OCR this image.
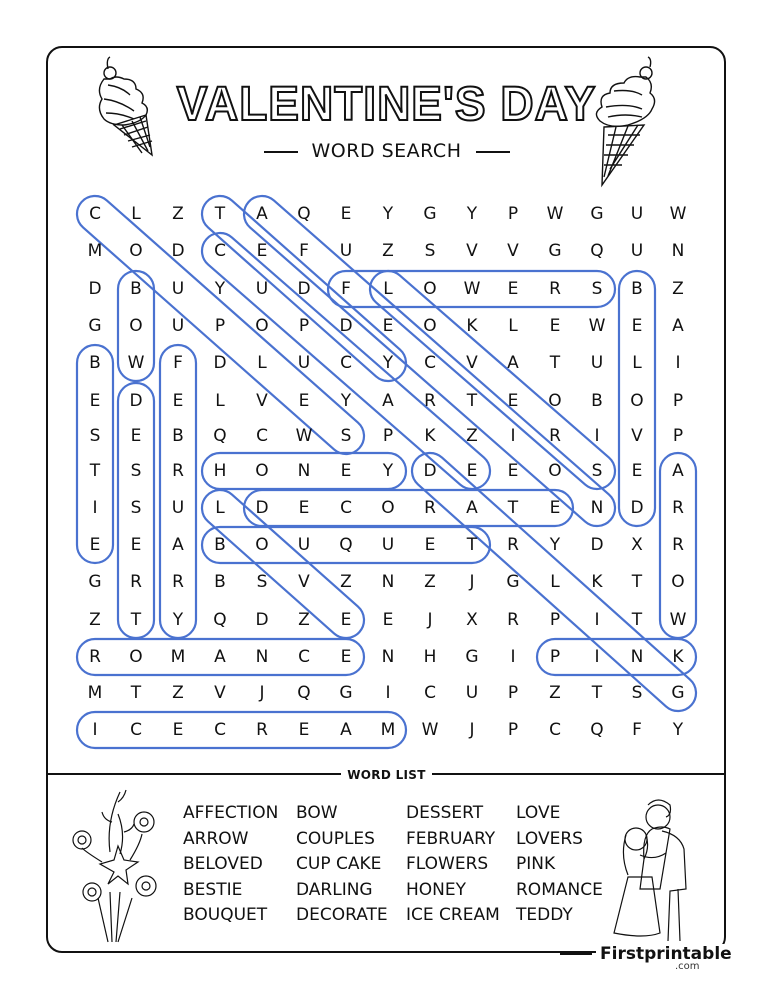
VALENTINE'S DAY
WORD SEARCH
C	L	Z	T	A	Q	E	Y	G	Y	P	W	G	U	W
M	O	D	C	E	F	U	Z	S	V	V	G	Q	U	N
D	B	U	Y	U	D	F	L	O	W	E	R	S	B	Z
G	O	U	P	O	P	D	E	O	K	L	E	W	E	A
B	W	F	D	L	U	C	Y	C	V	A	T	U	L	I
E	D	E	L	V	E	Y	A	R	T	E	O	B	O	P
S	E	B	Q	C	W	S	P	K	Z	I	R	I	V	P
T	S	R	H	O	N	E	Y	D	E	E	O	S	E	A
I	S	U	L	D	E	C	O	R	A	T	E	N	D	R
E	E	A	B	O	U	Q	U	E	T	R	Y	D	X	R
G	R	R	B	S	V	Z	N	Z	J	G	L	K	T	O
Z	T	Y	Q	D	Z	E	E	J	X	R	P	I	T	W
R	O	M	A	N	C	E	N	H	G	I	P	I	N	K
M	T	Z	V	J	Q	G	I	C	U	P	Z	T	S	G
I	C	E	C	R	E	A	M	W	J	P	C	Q	F	Y
WORD LIST
AFFECTION
ARROW
BELOVED
BESTIE
BOUQUET
BOW
COUPLES
CUP CAKE
DARLING
DECORATE
DESSERT
FEBRUARY
FLOWERS
HONEY
ICE CREAM
LOVE
LOVERS
PINK
ROMANCE
TEDDY
Firstprintable
.com
